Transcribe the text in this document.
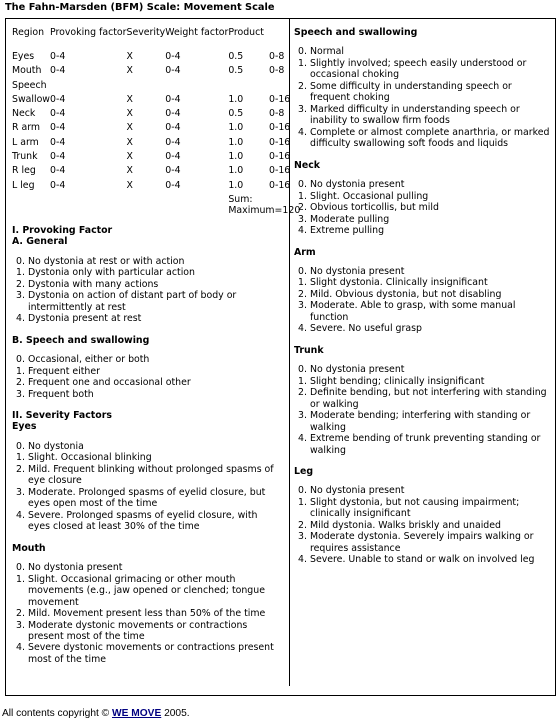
The Fahn-Marsden (BFM) Scale: Movement Scale
Region	Provoking factor	Severity	Weight factor	Product	
Eyes	0-4	X	0-4	0.5	0-8
Mouth	0-4	X	0-4	0.5	0-8
Speech					
Swallow	0-4	X	0-4	1.0	0-16
Neck	0-4	X	0-4	0.5	0-8
R arm	0-4	X	0-4	1.0	0-16
L arm	0-4	X	0-4	1.0	0-16
Trunk	0-4	X	0-4	1.0	0-16
R leg	0-4	X	0-4	1.0	0-16
L leg	0-4	X	0-4	1.0	0-16

				Sum:
Maximum=120	
I. Provoking Factor
A. General
0. No dystonia at rest or with action
1. Dystonia only with particular action
2. Dystonia with many actions
3. Dystonia on action of distant part of body or intermittently at rest
4. Dystonia present at rest
B. Speech and swallowing
0. Occasional, either or both
1. Frequent either
2. Frequent one and occasional other
3. Frequent both
II. Severity Factors
Eyes
0. No dystonia
1. Slight. Occasional blinking
2. Mild. Frequent blinking without prolonged spasms of eye closure
3. Moderate. Prolonged spasms of eyelid closure, but eyes open most of the time
4. Severe. Prolonged spasms of eyelid closure, with eyes closed at least 30% of the time
Mouth
0. No dystonia present
1. Slight. Occasional grimacing or other mouth movements (e.g., jaw opened or clenched; tongue movement
2. Mild. Movement present less than 50% of the time
3. Moderate dystonic movements or contractions present most of the time
4. Severe dystonic movements or contractions present most of the time
Speech and swallowing
0. Normal
1. Slightly involved; speech easily understood or occasional choking
2. Some difficulty in understanding speech or frequent choking
3. Marked difficulty in understanding speech or inability to swallow firm foods
4. Complete or almost complete anarthria, or marked difficulty swallowing soft foods and liquids
Neck
0. No dystonia present
1. Slight. Occasional pulling
2. Obvious torticollis, but mild
3. Moderate pulling
4. Extreme pulling
Arm
0. No dystonia present
1. Slight dystonia. Clinically insignificant
2. Mild. Obvious dystonia, but not disabling
3. Moderate. Able to grasp, with some manual function
4. Severe. No useful grasp
Trunk
0. No dystonia present
1. Slight bending; clinically insignificant
2. Definite bending, but not interfering with standing or walking
3. Moderate bending; interfering with standing or walking
4. Extreme bending of trunk preventing standing or walking
Leg
0. No dystonia present
1. Slight dystonia, but not causing impairment; clinically insignificant
2. Mild dystonia. Walks briskly and unaided
3. Moderate dystonia. Severely impairs walking or requires assistance
4. Severe. Unable to stand or walk on involved leg
All contents copyright © WE MOVE 2005.
